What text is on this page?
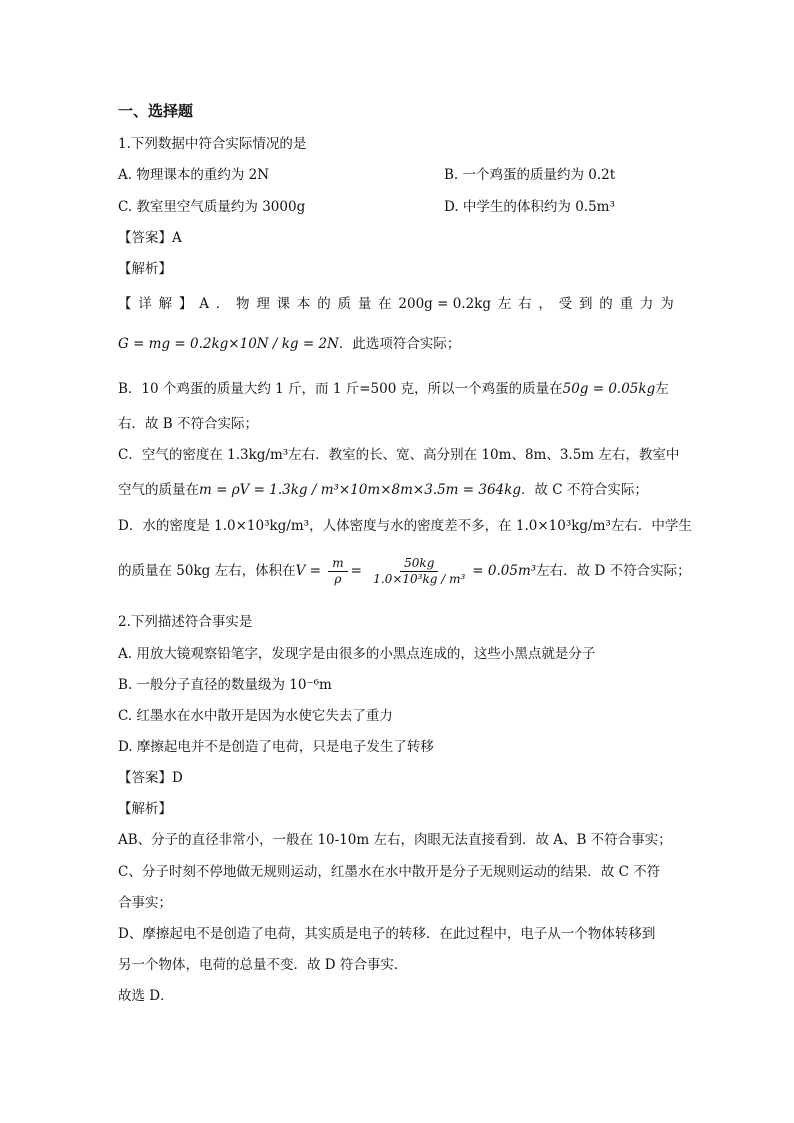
一、选择题
1.下列数据中符合实际情况的是
A. 物理课本的重约为 2N	B. 一个鸡蛋的质量约为 0.2t
C. 教室里空气质量约为 3000g	D. 中学生的体积约为 0.5m³
【答案】A
【解析】
【 详 解 】 A ． 物 理 课 本 的 质 量 在 200g = 0.2kg 左 右 ， 受 到 的 重 力 为
G = mg = 0.2kg×10N / kg = 2N．此选项符合实际；
B．10 个鸡蛋的质量大约 1 斤，而 1 斤=500 克，所以一个鸡蛋的质量在50g = 0.05kg左
右．故 B 不符合实际；
C．空气的密度在 1.3kg/m³左右．教室的长、宽、高分别在 10m、8m、3.5m 左右，教室中
空气的质量在m = ρV = 1.3kg / m³×10m×8m×3.5m = 364kg．故 C 不符合实际；
D．水的密度是 1.0×10³kg/m³，人体密度与水的密度差不多，在 1.0×10³kg/m³左右．中学生
的质量在 50kg 左右，体积在$V = \frac{m}{\rho} = \frac{50kg}{\text{1.0×10³kg / m³}} = 0.05m^3$左右．故 D 不符合实际；
2.下列描述符合事实是
A. 用放大镜观察铅笔字，发现字是由很多的小黑点连成的，这些小黑点就是分子
B. 一般分子直径的数量级为 10⁻⁶m
C. 红墨水在水中散开是因为水使它失去了重力
D. 摩擦起电并不是创造了电荷，只是电子发生了转移
【答案】D
【解析】
AB、分子的直径非常小，一般在 10-10m 左右，肉眼无法直接看到．故 A、B 不符合事实；
C、分子时刻不停地做无规则运动，红墨水在水中散开是分子无规则运动的结果．故 C 不符
合事实；
D、摩擦起电不是创造了电荷，其实质是电子的转移．在此过程中，电子从一个物体转移到
另一个物体，电荷的总量不变．故 D 符合事实．
故选 D．
